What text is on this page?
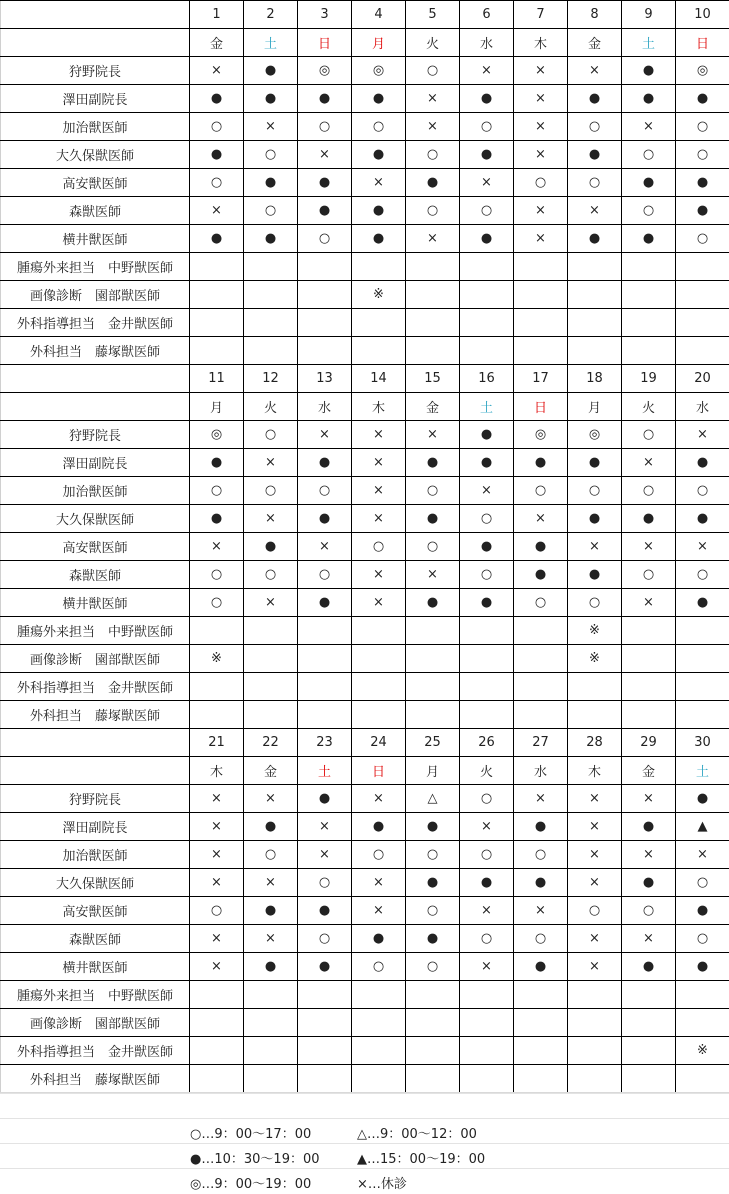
	1	2	3	4	5	6	7	8	9	10
	金	土	日	月	火	水	木	金	土	日
狩野院長	×	●	◎	◎	○	×	×	×	●	◎
澤田副院長	●	●	●	●	×	●	×	●	●	●
加治獣医師	○	×	○	○	×	○	×	○	×	○
大久保獣医師	●	○	×	●	○	●	×	●	○	○
高安獣医師	○	●	●	×	●	×	○	○	●	●
森獣医師	×	○	●	●	○	○	×	×	○	●
横井獣医師	●	●	○	●	×	●	×	●	●	○
腫瘍外来担当　中野獣医師										
画像診断　園部獣医師				※						
外科指導担当　金井獣医師										
外科担当　藤塚獣医師										
	11	12	13	14	15	16	17	18	19	20
	月	火	水	木	金	土	日	月	火	水
狩野院長	◎	○	×	×	×	●	◎	◎	○	×
澤田副院長	●	×	●	×	●	●	●	●	×	●
加治獣医師	○	○	○	×	○	×	○	○	○	○
大久保獣医師	●	×	●	×	●	○	×	●	●	●
高安獣医師	×	●	×	○	○	●	●	×	×	×
森獣医師	○	○	○	×	×	○	●	●	○	○
横井獣医師	○	×	●	×	●	●	○	○	×	●
腫瘍外来担当　中野獣医師								※		
画像診断　園部獣医師	※							※		
外科指導担当　金井獣医師										
外科担当　藤塚獣医師										
	21	22	23	24	25	26	27	28	29	30
	木	金	土	日	月	火	水	木	金	土
狩野院長	×	×	●	×	△	○	×	×	×	●
澤田副院長	×	●	×	●	●	×	●	×	●	▲
加治獣医師	×	○	×	○	○	○	○	×	×	×
大久保獣医師	×	×	○	×	●	●	●	×	●	○
高安獣医師	○	●	●	×	○	×	×	○	○	●
森獣医師	×	×	○	●	●	○	○	×	×	○
横井獣医師	×	●	●	○	○	×	●	×	●	●
腫瘍外来担当　中野獣医師										
画像診断　園部獣医師										
外科指導担当　金井獣医師										※
外科担当　藤塚獣医師										
○…9：00〜17：00	△…9：00〜12：00
●…10：30〜19：00	▲…15：00〜19：00
◎…9：00〜19：00	×…休診
